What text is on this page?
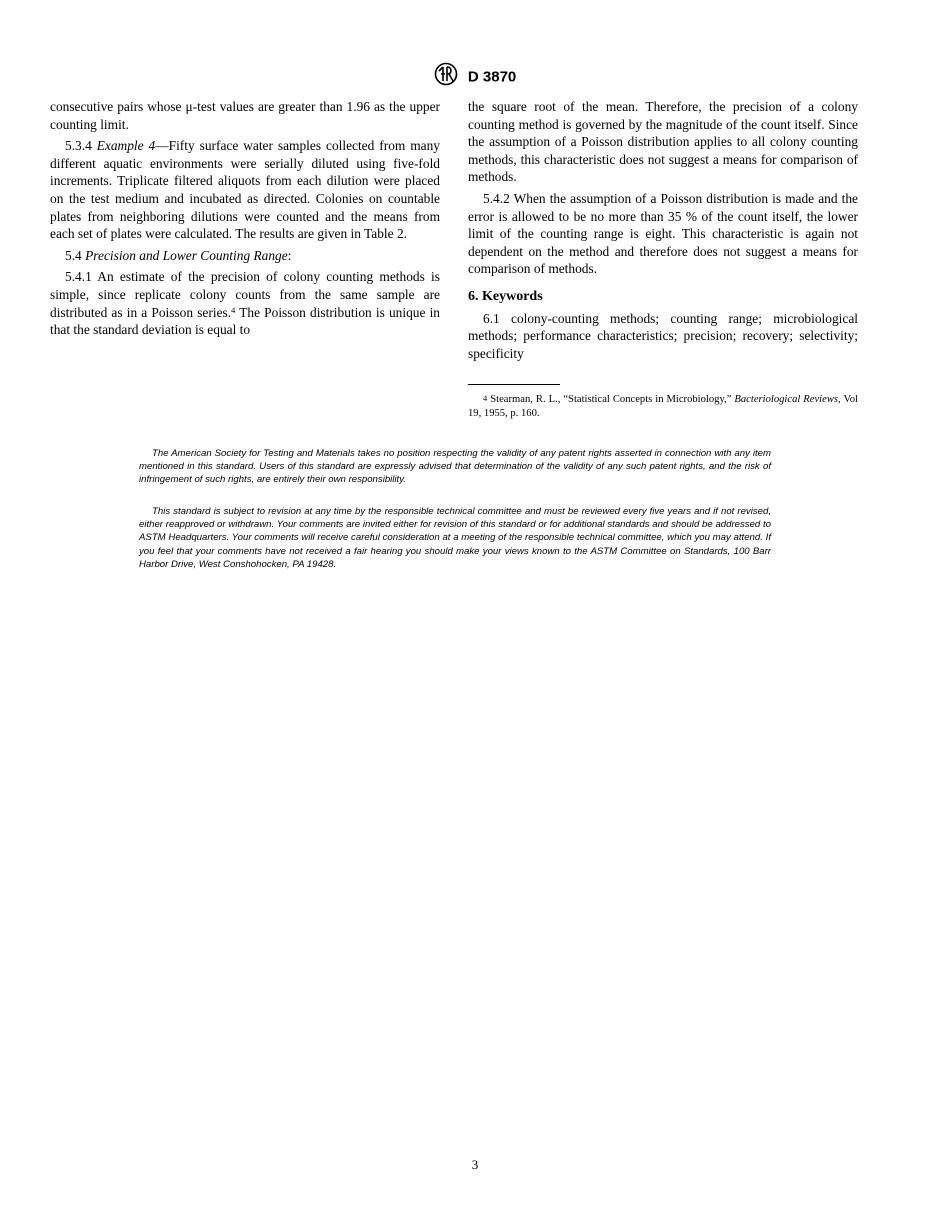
D 3870

consecutive pairs whose μ-test values are greater than 1.96 as the upper counting limit.

5.3.4 Example 4—Fifty surface water samples collected from many different aquatic environments were serially diluted using five-fold increments. Triplicate filtered aliquots from each dilution were placed on the test medium and incubated as directed. Colonies on countable plates from neighboring dilutions were counted and the means from each set of plates were calculated. The results are given in Table 2.

5.4 Precision and Lower Counting Range:

5.4.1 An estimate of the precision of colony counting methods is simple, since replicate colony counts from the same sample are distributed as in a Poisson series.$^4$ The Poisson distribution is unique in that the standard deviation is equal to

the square root of the mean. Therefore, the precision of a colony counting method is governed by the magnitude of the count itself. Since the assumption of a Poisson distribution applies to all colony counting methods, this characteristic does not suggest a means for comparison of methods.

5.4.2 When the assumption of a Poisson distribution is made and the error is allowed to be no more than 35 % of the count itself, the lower limit of the counting range is eight. This characteristic is again not dependent on the method and therefore does not suggest a means for comparison of methods.

6. Keywords

6.1 colony-counting methods; counting range; microbiological methods; performance characteristics; precision; recovery; selectivity; specificity

$^4$ Stearman, R. L., “Statistical Concepts in Microbiology,” Bacteriological Reviews, Vol 19, 1955, p. 160.

The American Society for Testing and Materials takes no position respecting the validity of any patent rights asserted in connection with any item mentioned in this standard. Users of this standard are expressly advised that determination of the validity of any such patent rights, and the risk of infringement of such rights, are entirely their own responsibility.

This standard is subject to revision at any time by the responsible technical committee and must be reviewed every five years and if not revised, either reapproved or withdrawn. Your comments are invited either for revision of this standard or for additional standards and should be addressed to ASTM Headquarters. Your comments will receive careful consideration at a meeting of the responsible technical committee, which you may attend. If you feel that your comments have not received a fair hearing you should make your views known to the ASTM Committee on Standards, 100 Barr Harbor Drive, West Conshohocken, PA 19428.

3
